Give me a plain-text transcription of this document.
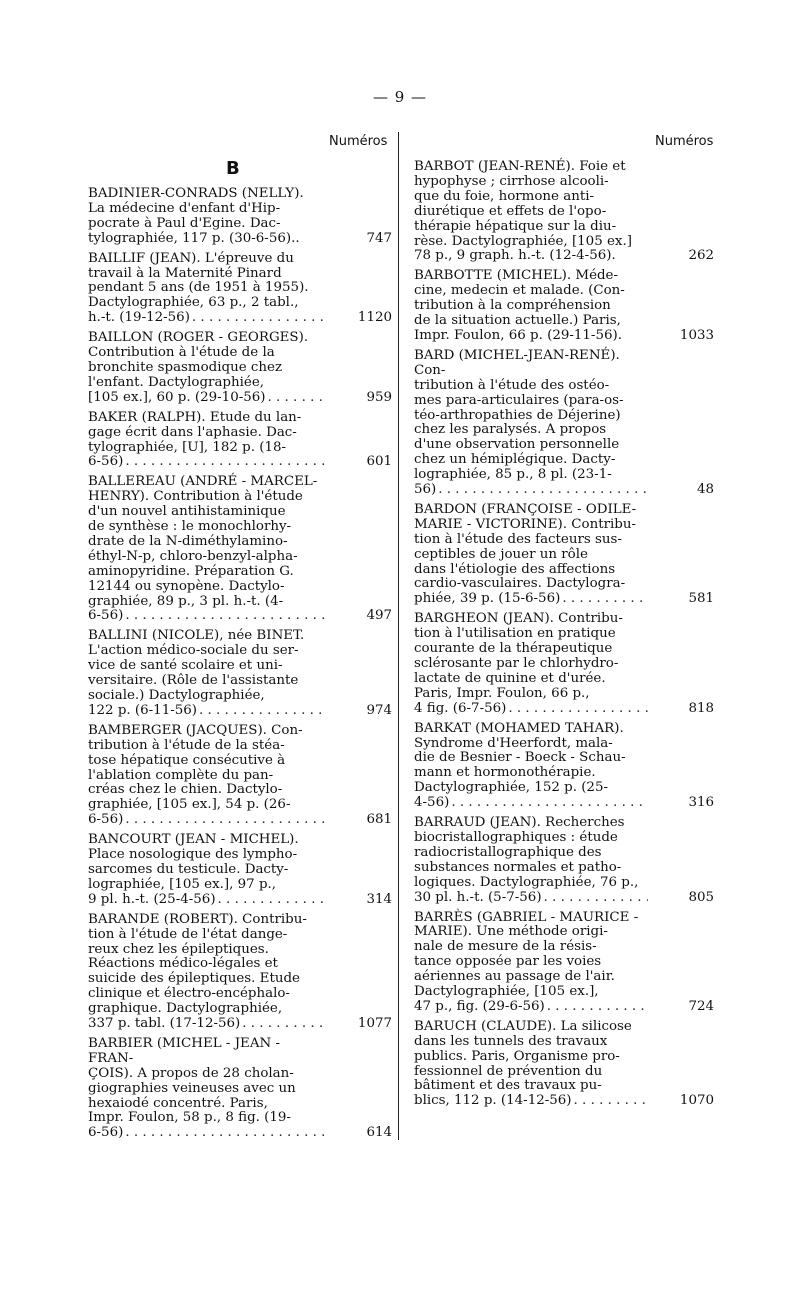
— 9 —
Numéros	Numéros
B
BADINIER-CONRADS (NELLY).
La médecine d'enfant d'Hip-
pocrate à Paul d'Egine. Dac-
tylographiée, 117 p. (30-6-56)..	747
BAILLIF (JEAN). L'épreuve du
travail à la Maternité Pinard
pendant 5 ans (de 1951 à 1955).
Dactylographiée, 63 p., 2 tabl.,
h.-t. (19-12-56) . . .	1120
BAILLON (ROGER - GEORGES).
Contribution à l'étude de la
bronchite spasmodique chez
l'enfant. Dactylographiée,
[105 ex.], 60 p. (29-10-56) . . .	959
BAKER (RALPH). Etude du lan-
gage écrit dans l'aphasie. Dac-
tylographiée, [U], 182 p. (18-
6-56) . . .	601
BALLEREAU (ANDRÉ - MARCEL-
HENRY). Contribution à l'étude
d'un nouvel antihistaminique
de synthèse : le monochlorhy-
drate de la N-diméthylamino-
éthyl-N-p, chloro-benzyl-alpha-
aminopyridine. Préparation G.
12144 ou synopène. Dactylo-
graphiée, 89 p., 3 pl. h.-t. (4-
6-56) . . .	497
BALLINI (NICOLE), née BINET.
L'action médico-sociale du ser-
vice de santé scolaire et uni-
versitaire. (Rôle de l'assistante
sociale.) Dactylographiée,
122 p. (6-11-56) . . .	974
BAMBERGER (JACQUES). Con-
tribution à l'étude de la stéa-
tose hépatique consécutive à
l'ablation complète du pan-
créas chez le chien. Dactylo-
graphiée, [105 ex.], 54 p. (26-
6-56) . . .	681
BANCOURT (JEAN - MICHEL).
Place nosologique des lympho-
sarcomes du testicule. Dacty-
lographiée, [105 ex.], 97 p.,
9 pl. h.-t. (25-4-56) . . .	314
BARANDE (ROBERT). Contribu-
tion à l'étude de l'état dange-
reux chez les épileptiques.
Réactions médico-légales et
suicide des épileptiques. Etude
clinique et électro-encéphalo-
graphique. Dactylographiée,
337 p. tabl. (17-12-56) . . .	1077
BARBIER (MICHEL - JEAN - FRAN-
ÇOIS). A propos de 28 cholan-
giographies veineuses avec un
hexaiodé concentré. Paris,
Impr. Foulon, 58 p., 8 fig. (19-
6-56) . . .	614
BARBOT (JEAN-RENÉ). Foie et
hypophyse ; cirrhose alcooli-
que du foie, hormone anti-
diurétique et effets de l'opo-
thérapie hépatique sur la diu-
rèse. Dactylographiée, [105 ex.]
78 p., 9 graph. h.-t. (12-4-56).	262
BARBOTTE (MICHEL). Méde-
cine, medecin et malade. (Con-
tribution à la compréhension
de la situation actuelle.) Paris,
Impr. Foulon, 66 p. (29-11-56).	1033
BARD (MICHEL-JEAN-RENÉ). Con-
tribution à l'étude des ostéo-
mes para-articulaires (para-os-
téo-arthropathies de Déjerine)
chez les paralysés. A propos
d'une observation personnelle
chez un hémiplégique. Dacty-
lographiée, 85 p., 8 pl. (23-1-
56) . . .	48
BARDON (FRANÇOISE - ODILE-
MARIE - VICTORINE). Contribu-
tion à l'étude des facteurs sus-
ceptibles de jouer un rôle
dans l'étiologie des affections
cardio-vasculaires. Dactylogra-
phiée, 39 p. (15-6-56) . . .	581
BARGHEON (JEAN). Contribu-
tion à l'utilisation en pratique
courante de la thérapeutique
sclérosante par le chlorhydro-
lactate de quinine et d'urée.
Paris, Impr. Foulon, 66 p.,
4 fig. (6-7-56) . . .	818
BARKAT (MOHAMED TAHAR).
Syndrome d'Heerfordt, mala-
die de Besnier - Boeck - Schau-
mann et hormonothérapie.
Dactylographiée, 152 p. (25-
4-56) . . .	316
BARRAUD (JEAN). Recherches
biocristallographiques : étude
radiocristallographique des
substances normales et patho-
logiques. Dactylographiée, 76 p.,
30 pl. h.-t. (5-7-56) . . .	805
BARRÈS (GABRIEL - MAURICE -
MARIE). Une méthode origi-
nale de mesure de la résis-
tance opposée par les voies
aériennes au passage de l'air.
Dactylographiée, [105 ex.],
47 p., fig. (29-6-56) . . .	724
BARUCH (CLAUDE). La silicose
dans les tunnels des travaux
publics. Paris, Organisme pro-
fessionnel de prévention du
bâtiment et des travaux pu-
blics, 112 p. (14-12-56) . . .	1070
